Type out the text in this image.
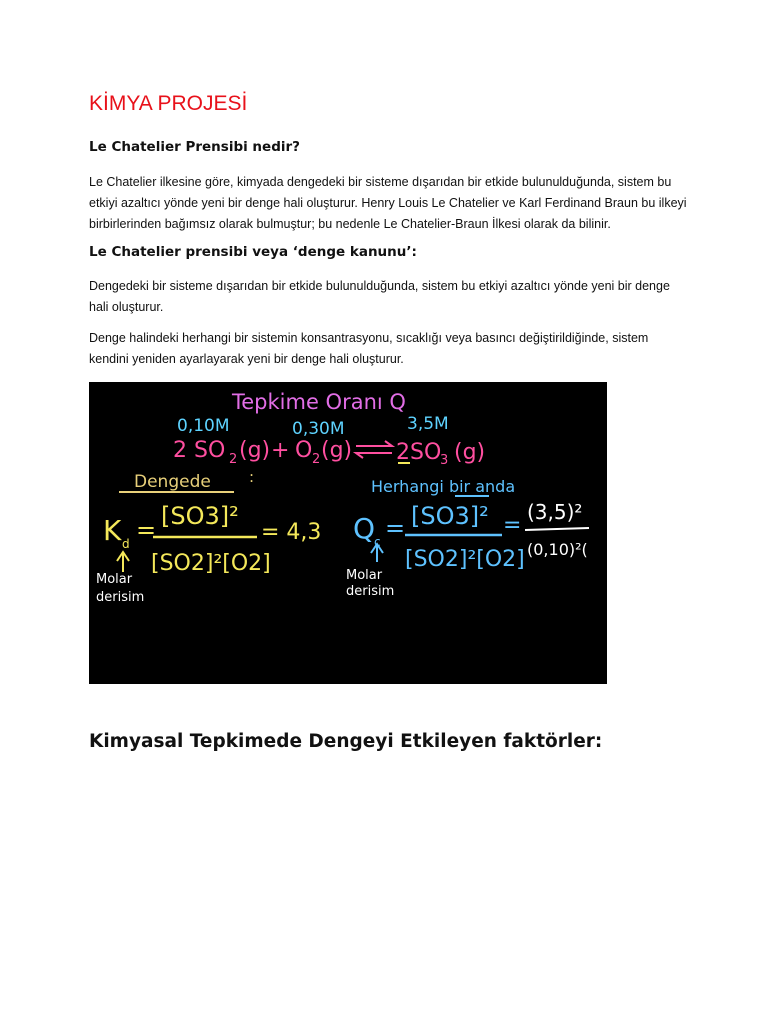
KİMYA PROJESİ
Le Chatelier Prensibi nedir?

Le Chatelier ilkesine göre, kimyada dengedeki bir sisteme dışarıdan bir etkide bulunulduğunda, sistem bu etkiyi azaltıcı yönde yeni bir denge hali oluşturur. Henry Louis Le Chatelier ve Karl Ferdinand Braun bu ilkeyi birbirlerinden bağımsız olarak bulmuştur; bu nedenle Le Chatelier-Braun İlkesi olarak da bilinir.

Le Chatelier prensibi veya ‘denge kanunu’:

Dengedeki bir sisteme dışarıdan bir etkide bulunulduğunda, sistem bu etkiyi azaltıcı yönde yeni bir denge hali oluşturur.

Denge halindeki herhangi bir sistemin konsantrasyonu, sıcaklığı veya basıncı değiştirildiğinde, sistem kendini yeniden ayarlayarak yeni bir denge hali oluşturur.

Tepkime Oranı Q
0,10M	0,30M	3,5M
2 SO 2 (g) + O 2 (g) 2SO
3 (g)
Dengede	:
K d = [SO3]²
[SO2]²[O2]
= 4,3
Molar
derisim
Herhangi bir anda
Q
c = [SO3]²
[SO2]²[O2]
=
(3,5)²
(0,10)²(
Molar
derisim
Kimyasal Tepkimede Dengeyi Etkileyen faktörler:
